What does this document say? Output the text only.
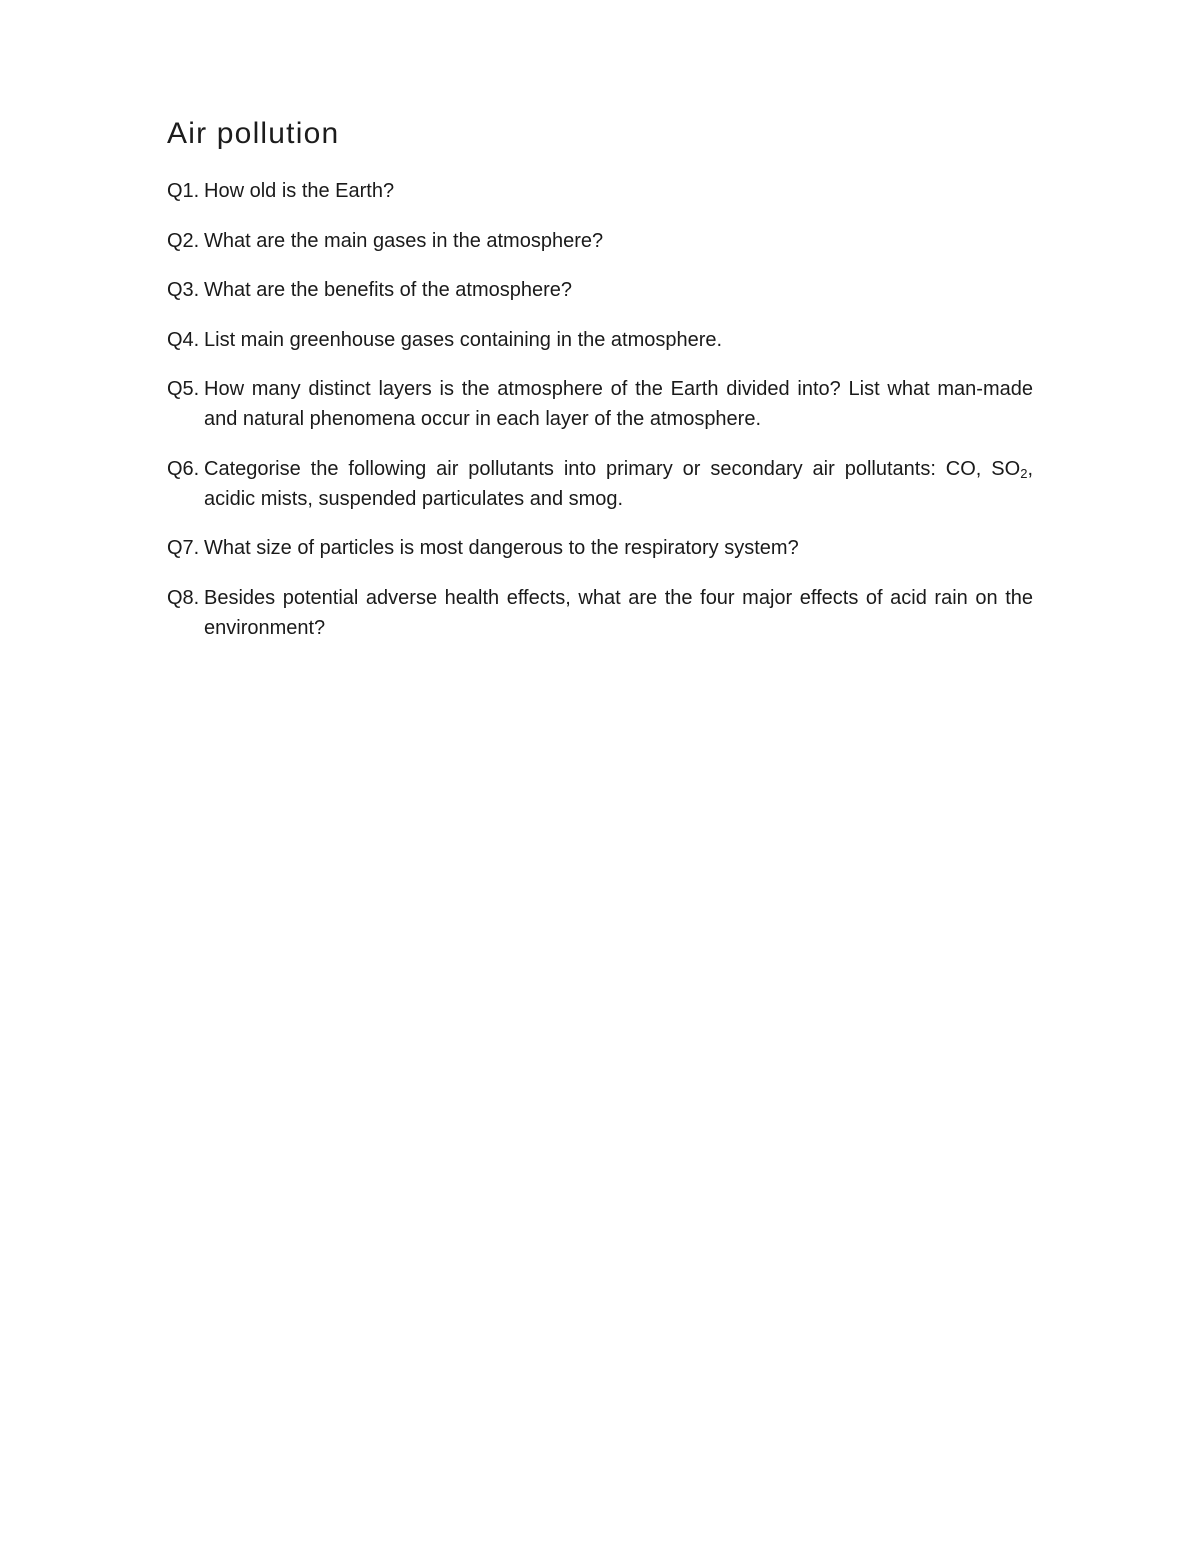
Air pollution
Q1. How old is the Earth?
Q2. What are the main gases in the atmosphere?
Q3. What are the benefits of the atmosphere?
Q4. List main greenhouse gases containing in the atmosphere.
Q5. How many distinct layers is the atmosphere of the Earth divided into? List what man-made and natural phenomena occur in each layer of the atmosphere.
Q6. Categorise the following air pollutants into primary or secondary air pollutants: CO, $SO_2$, acidic mists, suspended particulates and smog.
Q7. What size of particles is most dangerous to the respiratory system?
Q8. Besides potential adverse health effects, what are the four major effects of acid rain on the environment?
